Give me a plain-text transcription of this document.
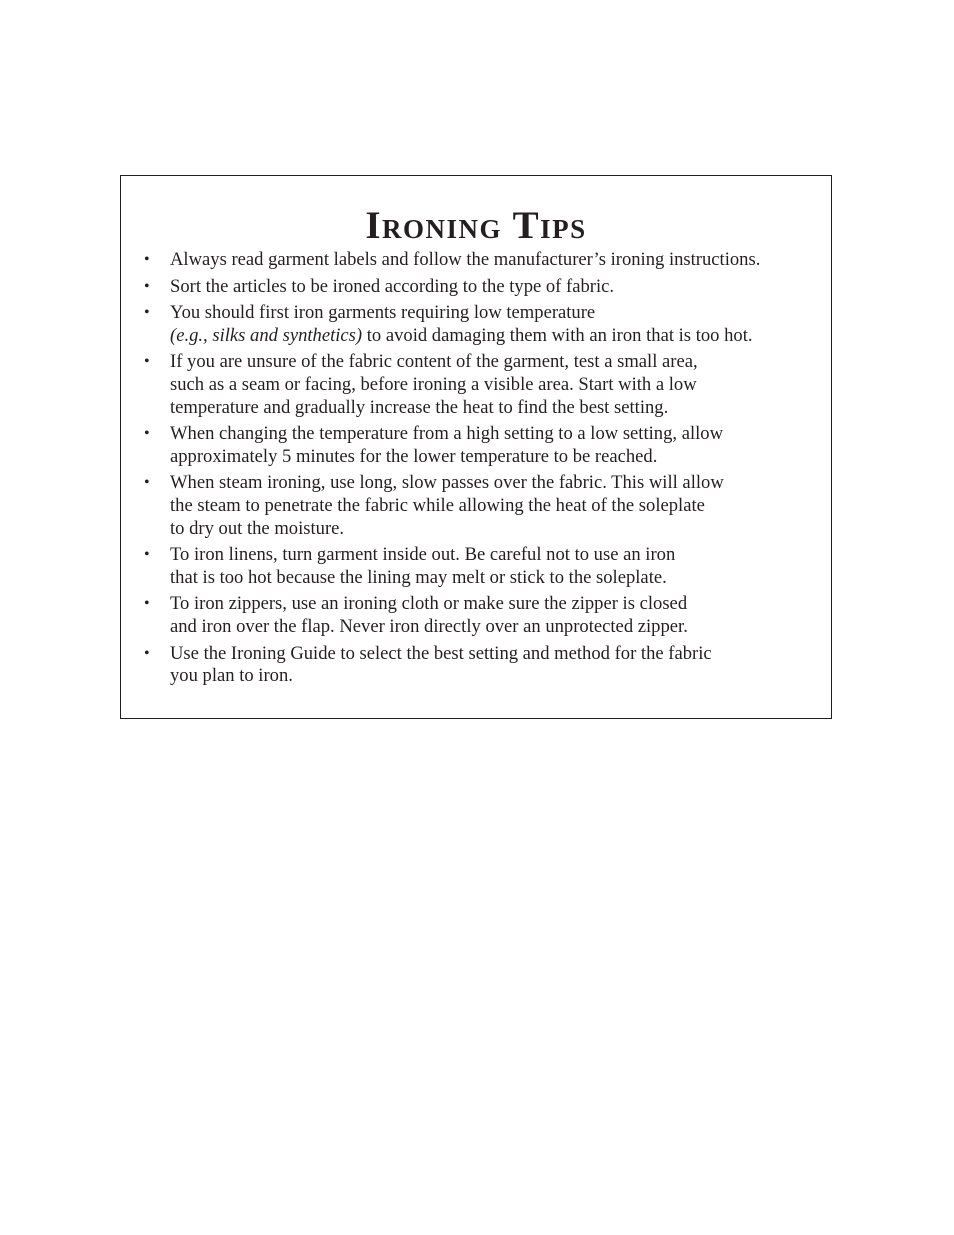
Ironing Tips
• Always read garment labels and follow the manufacturer’s ironing instructions.
• Sort the articles to be ironed according to the type of fabric.
• You should first iron garments requiring low temperature
(e.g., silks and synthetics) to avoid damaging them with an iron that is too hot.
• If you are unsure of the fabric content of the garment, test a small area,
such as a seam or facing, before ironing a visible area. Start with a low
temperature and gradually increase the heat to find the best setting.
• When changing the temperature from a high setting to a low setting, allow
approximately 5 minutes for the lower temperature to be reached.
• When steam ironing, use long, slow passes over the fabric. This will allow
the steam to penetrate the fabric while allowing the heat of the soleplate
to dry out the moisture.
• To iron linens, turn garment inside out. Be careful not to use an iron
that is too hot because the lining may melt or stick to the soleplate.
• To iron zippers, use an ironing cloth or make sure the zipper is closed
and iron over the flap. Never iron directly over an unprotected zipper.
• Use the Ironing Guide to select the best setting and method for the fabric
you plan to iron.
